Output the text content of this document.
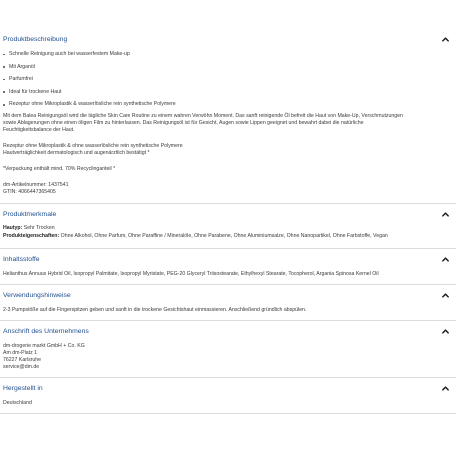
Produktbeschreibung
Schnelle Reinigung auch bei wasserfestem Make-up
Mit Arganöl
Parfumfrei
Ideal für trockene Haut
Rezeptur ohne Mikroplastik & wasserlösliche rein synthetische Polymere
Mit dem Balea Reinigungsöl wird die tägliche Skin Care Routine zu einem wahren Verwöhn Moment. Das sanft reinigende Öl befreit die Haut von Make-Up, Verschmutzungen
sowie Ablagerungen ohne einen öligen Film zu hinterlassen. Das Reinigungsöl ist für Gesicht, Augen sowie Lippen geeignet und bewahrt dabei die natürliche
Feuchtigkeitsbalance der Haut.
Rezeptur ohne Mikroplastik & ohne wasserlösliche rein synthetische Polymere
Hautverträglichkeit dermatologisch und augenärztlich bestätigt *
*Verpackung enthält mind. 70% Recyclinganteil *
dm-Artikelnummer: 1437541
GTIN: 4066447365405
Produktmerkmale
Hautyp: Sehr Trocken
Produkteigenschaften: Ohne Alkohol, Ohne Parfum, Ohne Paraffine / Mineralöle, Ohne Parabene, Ohne Aluminiumsalze, Ohne Nanopartikel, Ohne Farbstoffe, Vegan
Inhaltsstoffe
Helianthus Annuus Hybrid Oil, Isopropyl Palmitate, Isopropyl Myristate, PEG-20 Glyceryl Triisostearate, Ethylhexyl Stearate, Tocopherol, Argania Spinosa Kernel Oil
Verwendungshinweise
2-3 Pumpstöße auf die Fingerspitzen geben und sanft in die trockene Gesichtshaut einmassieren. Anschließend gründlich abspülen.
Anschrift des Unternehmens
dm-drogerie markt GmbH + Co. KG
Am dm-Platz 1
76227 Karlsruhe
service@dm.de
Hergestellt in
Deutschland
